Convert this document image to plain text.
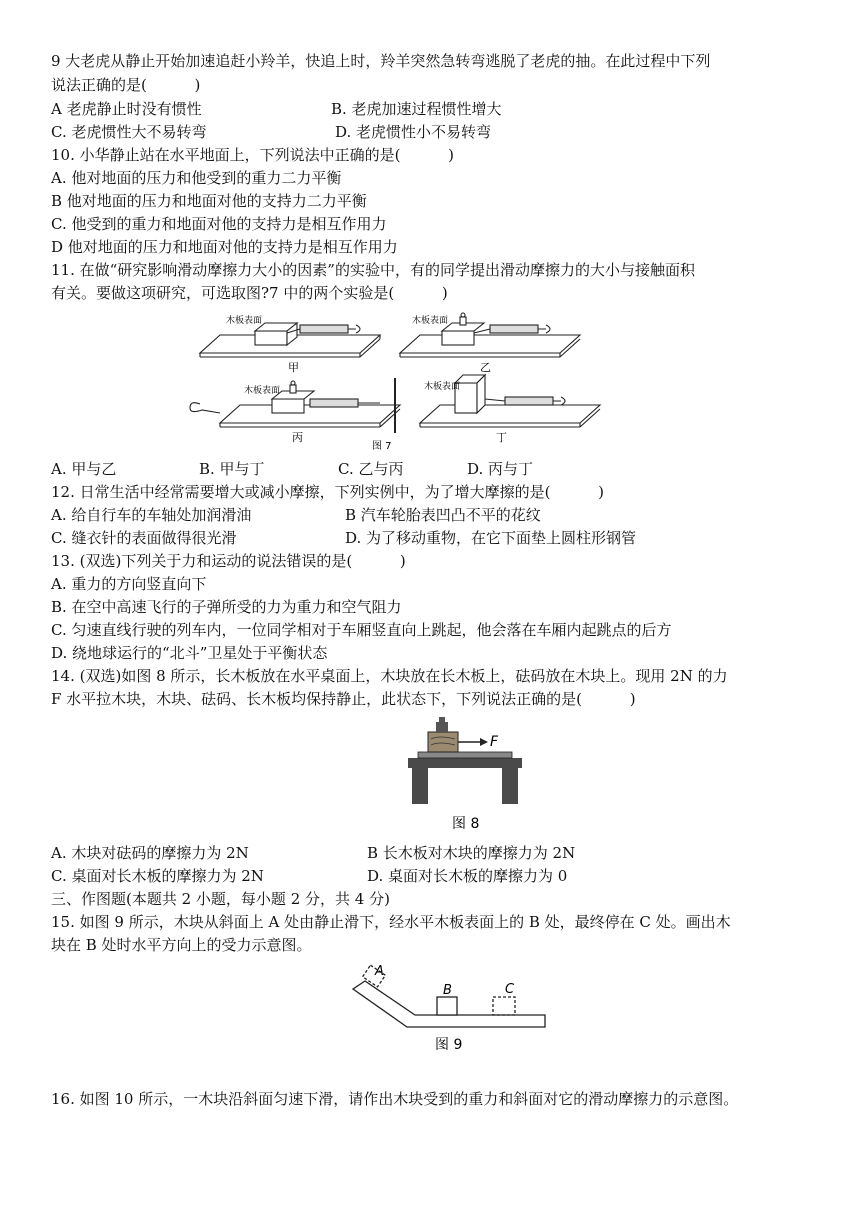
9 大老虎从静止开始加速追赶小羚羊，快追上时，羚羊突然急转弯逃脱了老虎的抽。在此过程中下列
说法正确的是(          )

A 老虎静止时没有惯性

	B. 老虎加速过程惯性增大

C. 老虎惯性大不易转弯

	D. 老虎惯性小不易转弯

10. 小华静止站在水平地面上，下列说法中正确的是(          )
A. 他对地面的压力和他受到的重力二力平衡
B 他对地面的压力和地面对他的支持力二力平衡
C. 他受到的重力和地面对他的支持力是相互作用力
D 他对地面的压力和地面对他的支持力是相互作用力
11. 在做“研究影响滑动摩擦力大小的因素”的实验中，有的同学提出滑动摩擦力的大小与接触面积
有关。要做这项研究，可选取图?7 中的两个实验是(          )
木板表面	木板表面
木板表面	木板表面
甲	乙
丙	丁
图 7

A. 甲与乙

	B. 甲与丁

	C. 乙与丙

	D. 丙与丁

12. 日常生活中经常需要增大或减小摩擦，下列实例中，为了增大摩擦的是(          )

A. 给自行车的车轴处加润滑油

	B 汽车轮胎表凹凸不平的花纹

C. 缝衣针的表面做得很光滑

	D. 为了移动重物，在它下面垫上圆柱形钢管

13. (双选)下列关于力和运动的说法错误的是(          )
A. 重力的方向竖直向下
B. 在空中高速飞行的子弹所受的力为重力和空气阻力
C. 匀速直线行驶的列车内，一位同学相对于车厢竖直向上跳起，他会落在车厢内起跳点的后方
D. 绕地球运行的“北斗”卫星处于平衡状态
14. (双选)如图 8 所示，长木板放在水平桌面上，木块放在长木板上，砝码放在木块上。现用 2N 的力
F 水平拉木块，木块、砝码、长木板均保持静止，此状态下，下列说法正确的是(          )
F
图 8

A. 木块对砝码的摩擦力为 2N

	B 长木板对木块的摩擦力为 2N

C. 桌面对长木板的摩擦力为 2N

	D. 桌面对长木板的摩擦力为 0

三、作图题(本题共 2 小题，每小题 2 分，共 4 分)
15. 如图 9 所示，木块从斜面上 A 处由静止滑下，经水平木板表面上的 B 处，最终停在 C 处。画出木
块在 B 处时水平方向上的受力示意图。
A
B	C
图 9
16. 如图 10 所示，一木块沿斜面匀速下滑，请作出木块受到的重力和斜面对它的滑动摩擦力的示意图。
